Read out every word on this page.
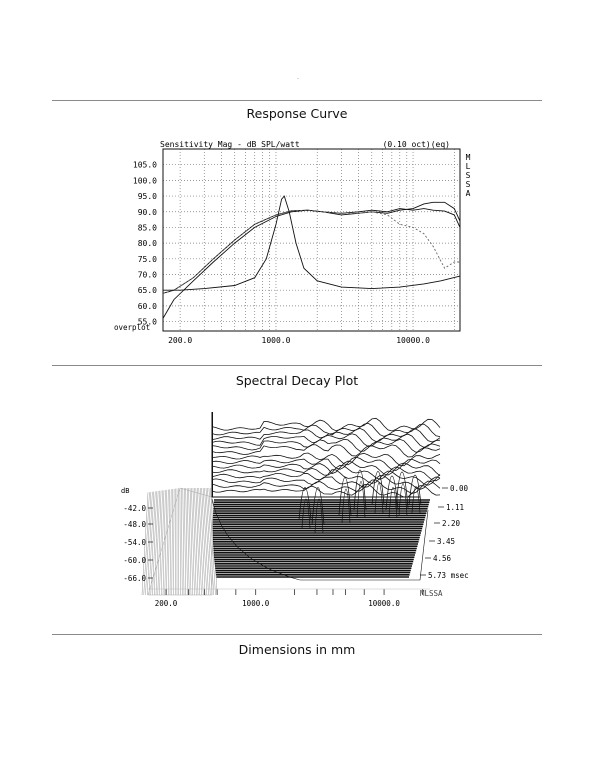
.
Response Curve
Sensitivity Mag - dB SPL/watt	(0.10 oct)(eq)
M
L
S
S
A
overplot
105.0
100.0
95.0
90.0
85.0
80.0
75.0
70.0
65.0
60.0
55.0
200.0	1000.0	10000.0
Spectral Decay Plot
dB
-42.0
-48.0
-54.0
-60.0
-66.0
0.00
1.11
2.20
3.45
4.56
5.73 msec
200.0	1000.0	10000.0
MLSSA
Dimensions in mm
